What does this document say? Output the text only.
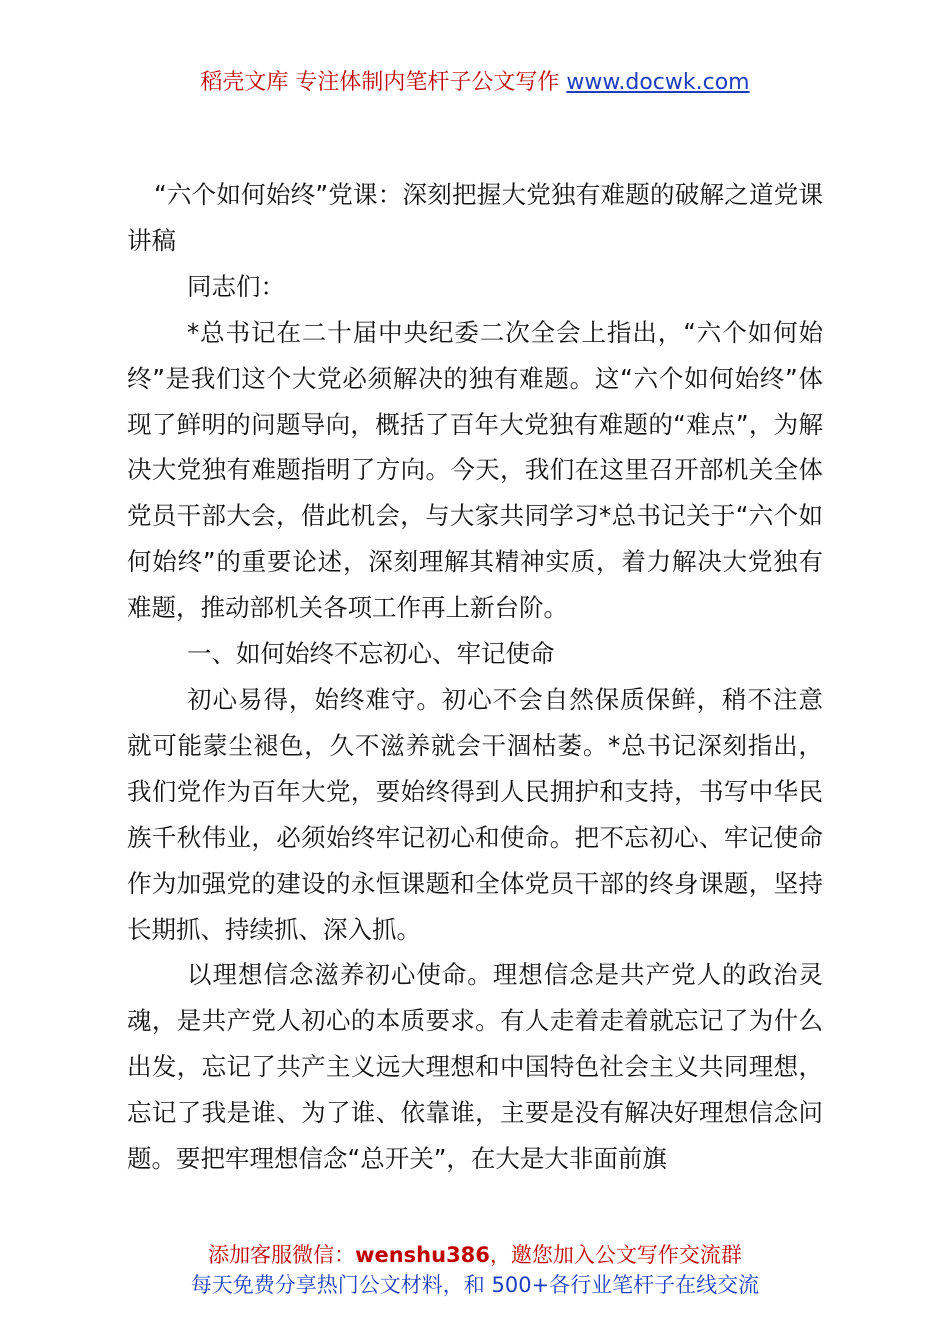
稻壳文库 专注体制内笔杆子公文写作 www.docwk.com

“六个如何始终”党课：深刻把握大党独有难题的破解之道党课讲稿

同志们：

*总书记在二十届中央纪委二次全会上指出，“六个如何始终”是我们这个大党必须解决的独有难题。这“六个如何始终”体现了鲜明的问题导向，概括了百年大党独有难题的“难点”，为解决大党独有难题指明了方向。今天，我们在这里召开部机关全体党员干部大会，借此机会，与大家共同学习*总书记关于“六个如何始终”的重要论述，深刻理解其精神实质，着力解决大党独有难题，推动部机关各项工作再上新台阶。

一、如何始终不忘初心、牢记使命

初心易得，始终难守。初心不会自然保质保鲜，稍不注意就可能蒙尘褪色，久不滋养就会干涸枯萎。*总书记深刻指出，我们党作为百年大党，要始终得到人民拥护和支持，书写中华民族千秋伟业，必须始终牢记初心和使命。把不忘初心、牢记使命作为加强党的建设的永恒课题和全体党员干部的终身课题，坚持长期抓、持续抓、深入抓。

以理想信念滋养初心使命。理想信念是共产党人的政治灵魂，是共产党人初心的本质要求。有人走着走着就忘记了为什么出发，忘记了共产主义远大理想和中国特色社会主义共同理想，忘记了我是谁、为了谁、依靠谁，主要是没有解决好理想信念问题。要把牢理想信念“总开关”，在大是大非面前旗

添加客服微信：wenshu386，邀您加入公文写作交流群
每天免费分享热门公文材料，和 500+各行业笔杆子在线交流
